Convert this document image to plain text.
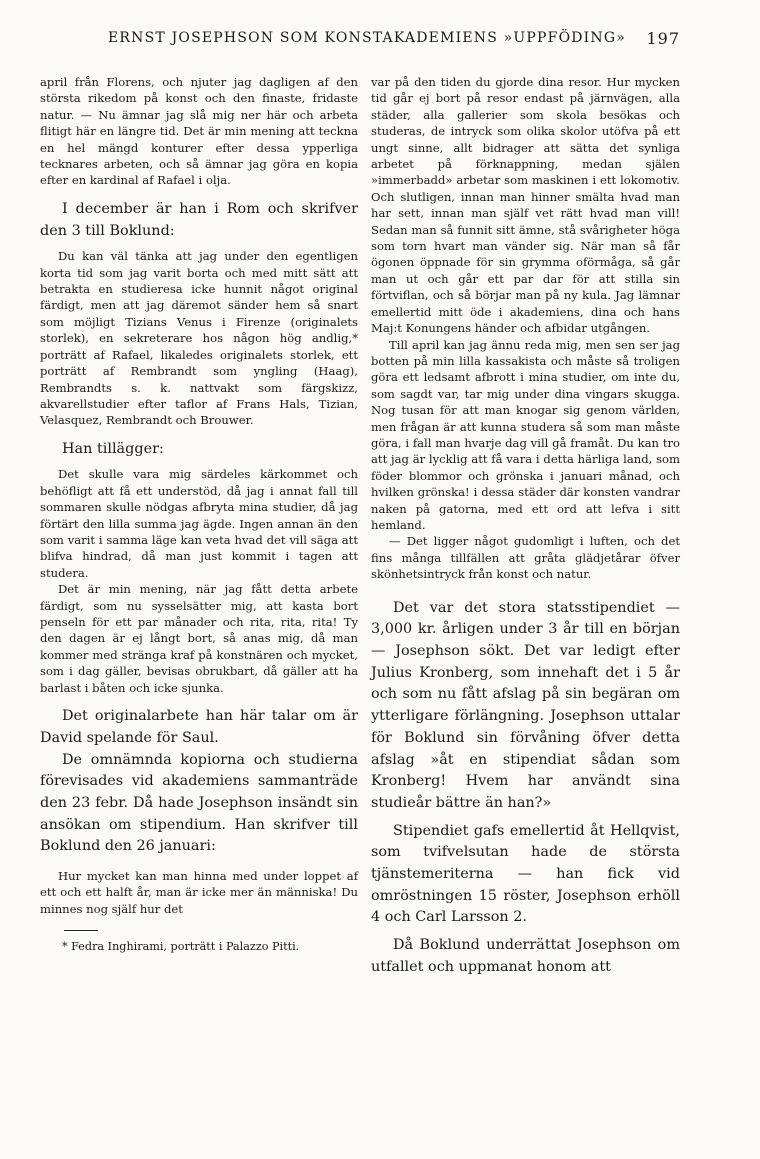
ERNST JOSEPHSON SOM KONSTAKADEMIENS »UPPFÖDING» 197

april från Florens, och njuter jag dagligen af den största rikedom på konst och den finaste, fridaste natur. — Nu ämnar jag slå mig ner här och arbeta flitigt här en längre tid. Det är min mening att teckna en hel mängd konturer efter dessa ypperliga tecknares arbeten, och så ämnar jag göra en kopia efter en kardinal af Rafael i olja.

I december är han i Rom och skrifver den 3 till Boklund:

Du kan väl tänka att jag under den egentligen korta tid som jag varit borta och med mitt sätt att betrakta en studieresa icke hunnit något original färdigt, men att jag däremot sänder hem så snart som möjligt Tizians Venus i Firenze (originalets storlek), en sekreterare hos någon hög andlig,* porträtt af Rafael, likaledes originalets storlek, ett porträtt af Rembrandt som yngling (Haag), Rembrandts s. k. nattvakt som färgskizz, akvarellstudier efter taflor af Frans Hals, Tizian, Velasquez, Rembrandt och Brouwer.

Han tillägger:

Det skulle vara mig särdeles kärkommet och behöfligt att få ett understöd, då jag i annat fall till sommaren skulle nödgas afbryta mina studier, då jag förtärt den lilla summa jag ägde. Ingen annan än den som varit i samma läge kan veta hvad det vill säga att blifva hindrad, då man just kommit i tagen att studera.

Det är min mening, när jag fått detta arbete färdigt, som nu sysselsätter mig, att kasta bort penseln för ett par månader och rita, rita, rita! Ty den dagen är ej långt bort, så anas mig, då man kommer med stränga kraf på konstnären och mycket, som i dag gäller, bevisas obrukbart, då gäller att ha barlast i båten och icke sjunka.

Det originalarbete han här talar om är David spelande för Saul.

De omnämnda kopiorna och studierna förevisades vid akademiens sammanträde den 23 febr. Då hade Josephson insändt sin ansökan om stipendium. Han skrifver till Boklund den 26 januari:

Hur mycket kan man hinna med under loppet af ett och ett halft år, man är icke mer än människa! Du minnes nog själf hur det

* Fedra Inghirami, porträtt i Palazzo Pitti.

var på den tiden du gjorde dina resor. Hur mycken tid går ej bort på resor endast på järnvägen, alla städer, alla gallerier som skola besökas och studeras, de intryck som olika skolor utöfva på ett ungt sinne, allt bidrager att sätta det synliga arbetet på förknappning, medan själen »immerbadd» arbetar som maskinen i ett lokomotiv. Och slutligen, innan man hinner smälta hvad man har sett, innan man själf vet rätt hvad man vill! Sedan man så funnit sitt ämne, stå svårigheter höga som torn hvart man vänder sig. När man så får ögonen öppnade för sin grymma oförmåga, så går man ut och går ett par dar för att stilla sin förtviflan, och så börjar man på ny kula. Jag lämnar emellertid mitt öde i akademiens, dina och hans Maj:t Konungens händer och afbidar utgången.

Till april kan jag ännu reda mig, men sen ser jag botten på min lilla kassakista och måste så troligen göra ett ledsamt afbrott i mina studier, om inte du, som sagdt var, tar mig under dina vingars skugga. Nog tusan för att man knogar sig genom världen, men frågan är att kunna studera så som man måste göra, i fall man hvarje dag vill gå framåt. Du kan tro att jag är lycklig att få vara i detta härliga land, som föder blommor och grönska i januari månad, och hvilken grönska! i dessa städer där konsten vandrar naken på gatorna, med ett ord att lefva i sitt hemland.

— Det ligger något gudomligt i luften, och det fins många tillfällen att gråta glädjetårar öfver skönhetsintryck från konst och natur.

Det var det stora statsstipendiet — 3,000 kr. årligen under 3 år till en början — Josephson sökt. Det var ledigt efter Julius Kronberg, som innehaft det i 5 år och som nu fått afslag på sin begäran om ytterligare förlängning. Josephson uttalar för Boklund sin förvåning öfver detta afslag »åt en stipendiat sådan som Kronberg! Hvem har användt sina studieår bättre än han?»

Stipendiet gafs emellertid åt Hellqvist, som tvifvelsutan hade de största tjänstemeriterna — han fick vid omröstningen 15 röster, Josephson erhöll 4 och Carl Larsson 2.

Då Boklund underrättat Josephson om utfallet och uppmanat honom att
